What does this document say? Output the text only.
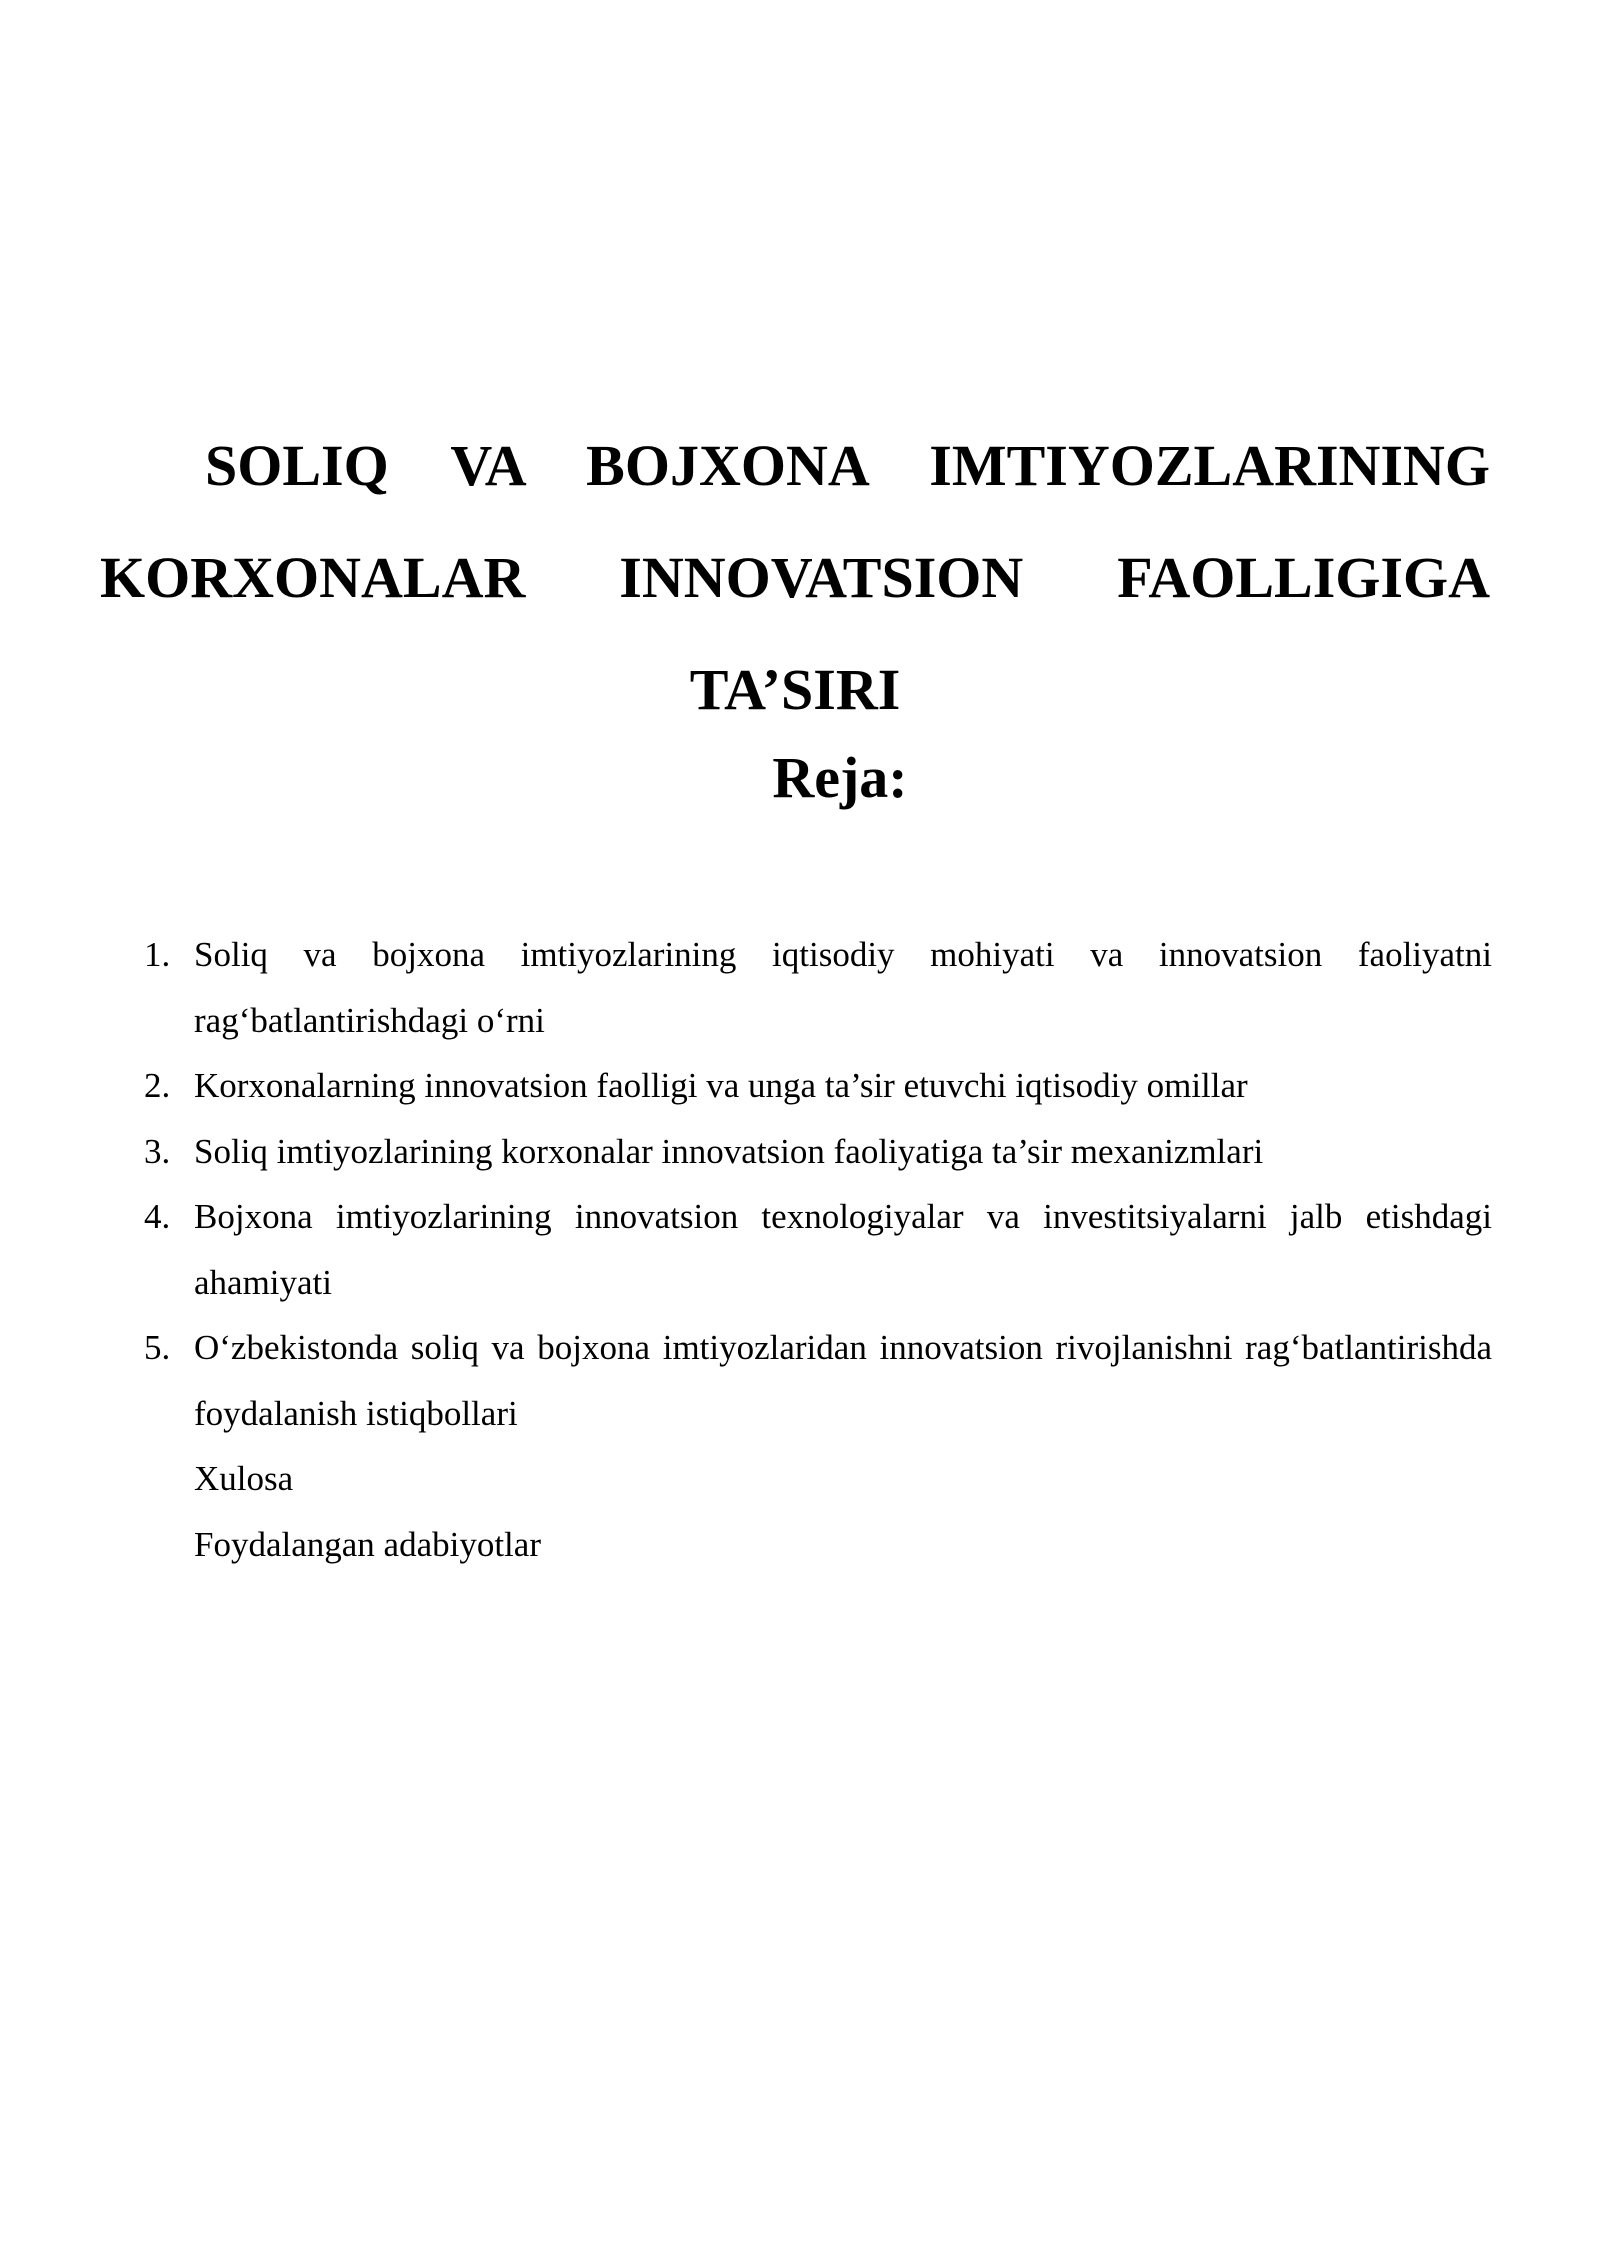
SOLIQ VA BOJXONA IMTIYOZLARINING KORXONALAR INNOVATSION FAOLLIGIGA TA’SIRI
Reja:
1. Soliq va bojxona imtiyozlarining iqtisodiy mohiyati va innovatsion faoliyatni rag‘batlantirishdagi o‘rni
2. Korxonalarning innovatsion faolligi va unga ta’sir etuvchi iqtisodiy omillar
3. Soliq imtiyozlarining korxonalar innovatsion faoliyatiga ta’sir mexanizmlari
4. Bojxona imtiyozlarining innovatsion texnologiyalar va investitsiyalarni jalb etishdagi ahamiyati
5. O‘zbekistonda soliq va bojxona imtiyozlaridan innovatsion rivojlanishni rag‘batlantirishda foydalanish istiqbollari
Xulosa
Foydalangan adabiyotlar
